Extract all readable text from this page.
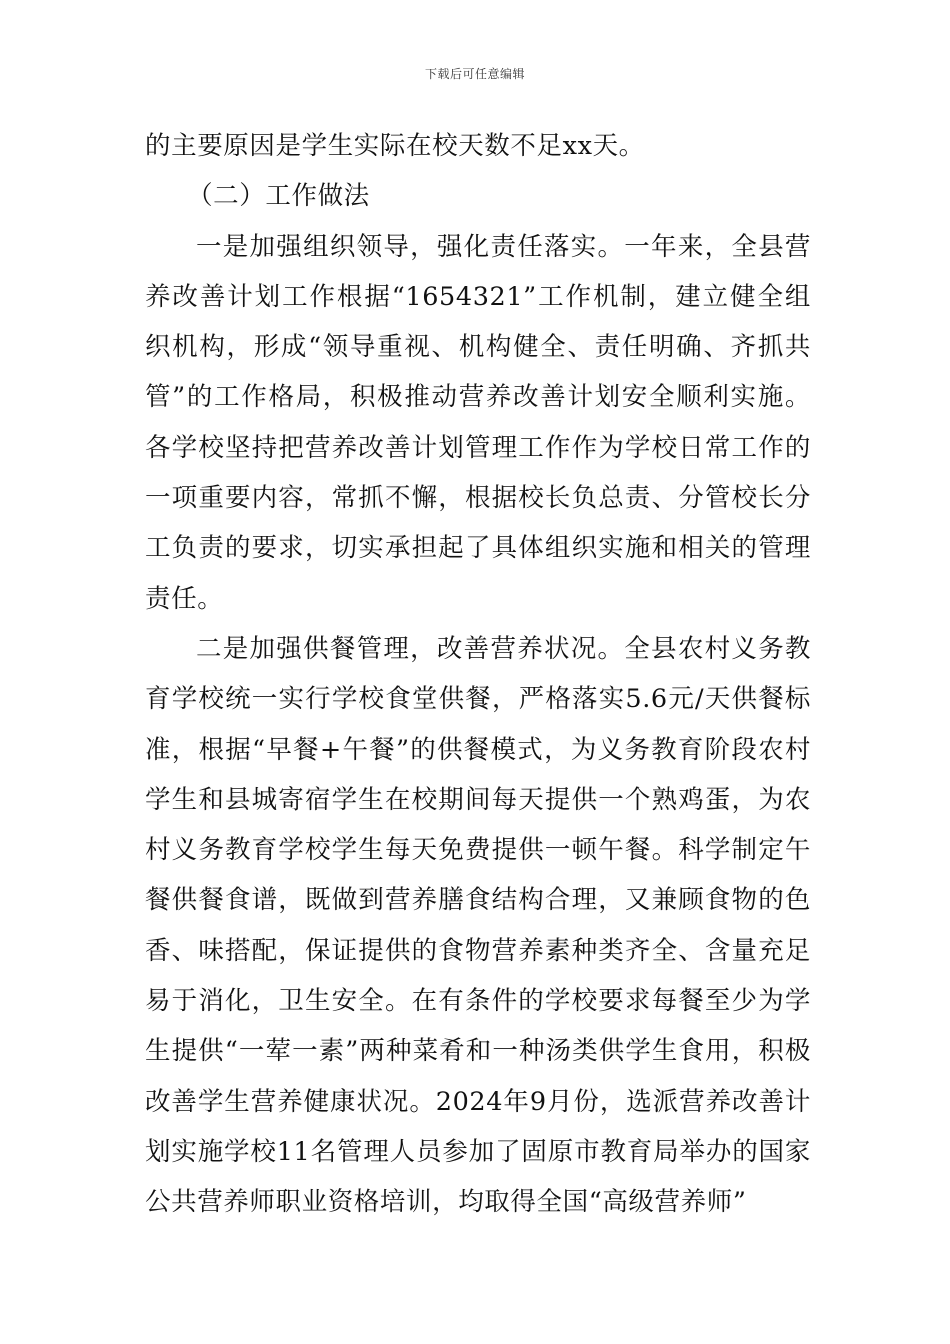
下载后可任意编辑

的主要原因是学生实际在校天数不足xx天。

（二）工作做法

一是加强组织领导，强化责任落实。一年来，全县营养改善计划工作根据“1654321”工作机制，建立健全组织机构，形成“领导重视、机构健全、责任明确、齐抓共管”的工作格局，积极推动营养改善计划安全顺利实施。各学校坚持把营养改善计划管理工作作为学校日常工作的一项重要内容，常抓不懈，根据校长负总责、分管校长分工负责的要求，切实承担起了具体组织实施和相关的管理责任。

二是加强供餐管理，改善营养状况。全县农村义务教育学校统一实行学校食堂供餐，严格落实5.6元/天供餐标准，根据“早餐+午餐”的供餐模式，为义务教育阶段农村学生和县城寄宿学生在校期间每天提供一个熟鸡蛋，为农村义务教育学校学生每天免费提供一顿午餐。科学制定午餐供餐食谱，既做到营养膳食结构合理，又兼顾食物的色香、味搭配，保证提供的食物营养素种类齐全、含量充足易于消化，卫生安全。在有条件的学校要求每餐至少为学生提供“一荤一素”两种菜肴和一种汤类供学生食用，积极改善学生营养健康状况。2024年9月份，选派营养改善计划实施学校11名管理人员参加了固原市教育局举办的国家公共营养师职业资格培训，均取得全国“高级营养师”
